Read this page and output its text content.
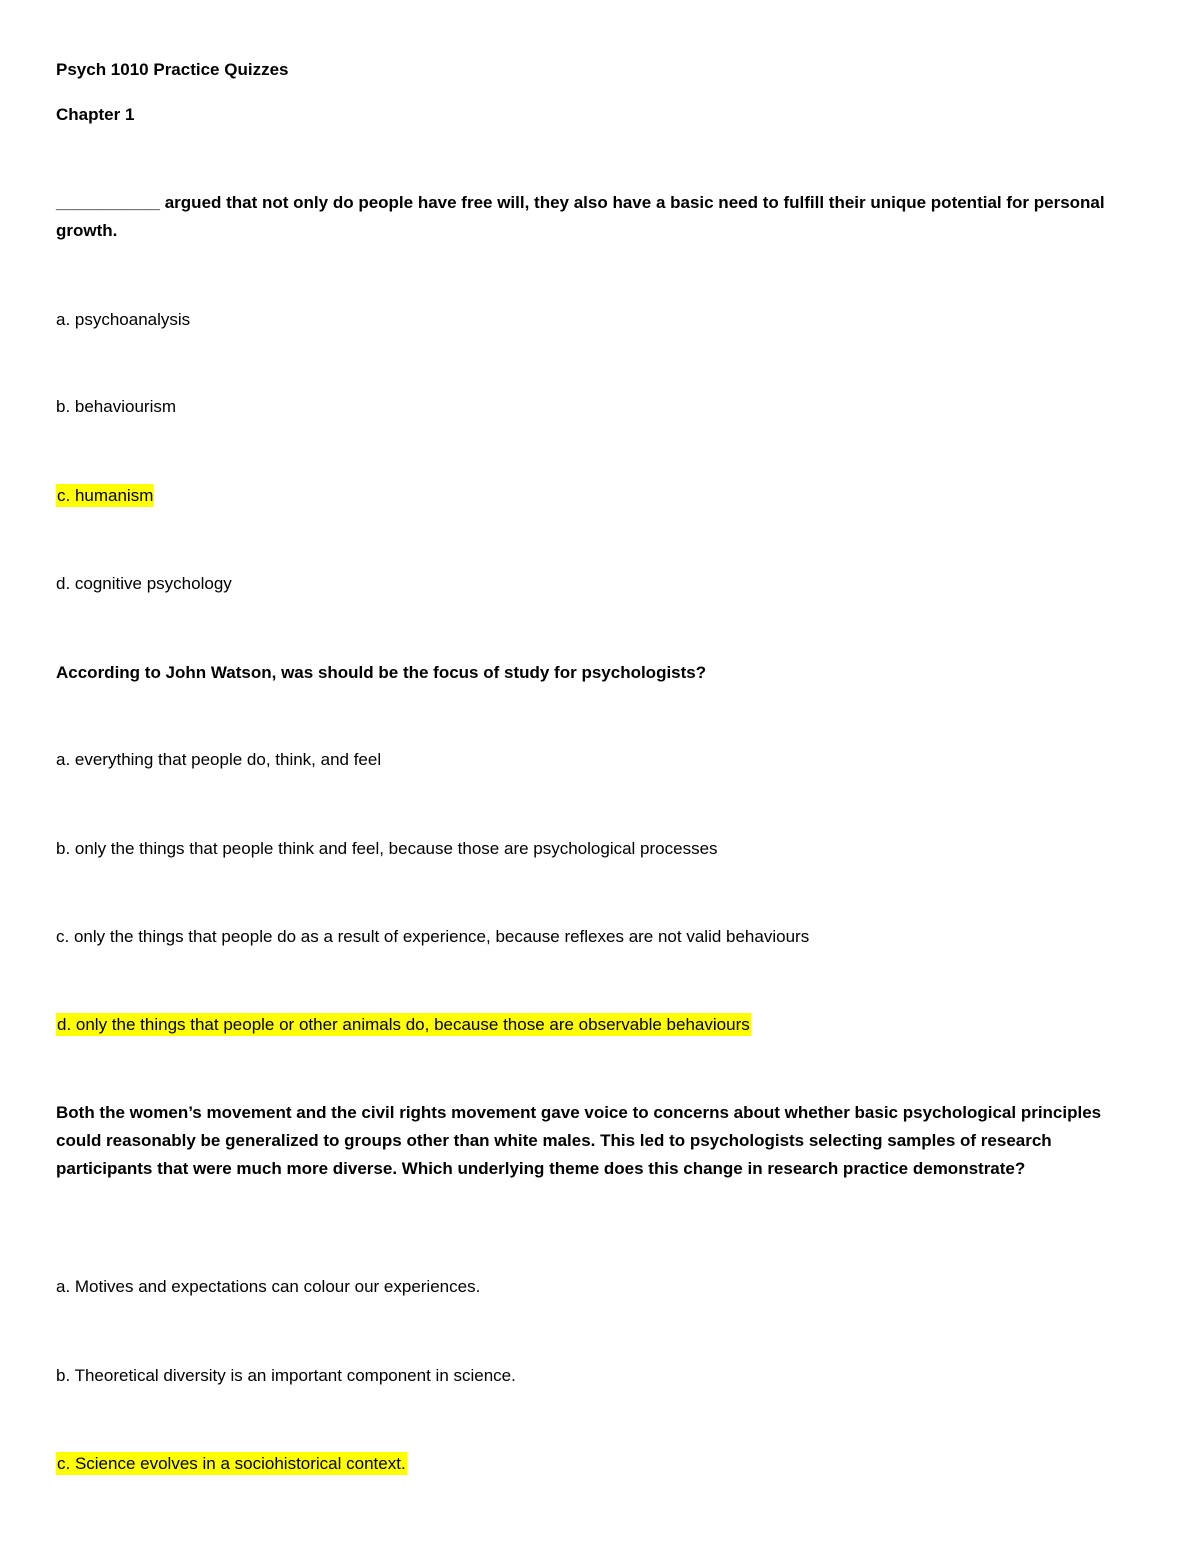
Psych 1010 Practice Quizzes
Chapter 1
___________ argued that not only do people have free will, they also have a basic need to fulfill their unique potential for personal growth.
a. psychoanalysis
b. behaviourism
c. humanism
d. cognitive psychology
According to John Watson, was should be the focus of study for psychologists?
a. everything that people do, think, and feel
b. only the things that people think and feel, because those are psychological processes
c. only the things that people do as a result of experience, because reflexes are not valid behaviours
d. only the things that people or other animals do, because those are observable behaviours
Both the women’s movement and the civil rights movement gave voice to concerns about whether basic psychological principles could reasonably be generalized to groups other than white males. This led to psychologists selecting samples of research participants that were much more diverse. Which underlying theme does this change in research practice demonstrate?
a. Motives and expectations can colour our experiences.
b. Theoretical diversity is an important component in science.
c. Science evolves in a sociohistorical context.
